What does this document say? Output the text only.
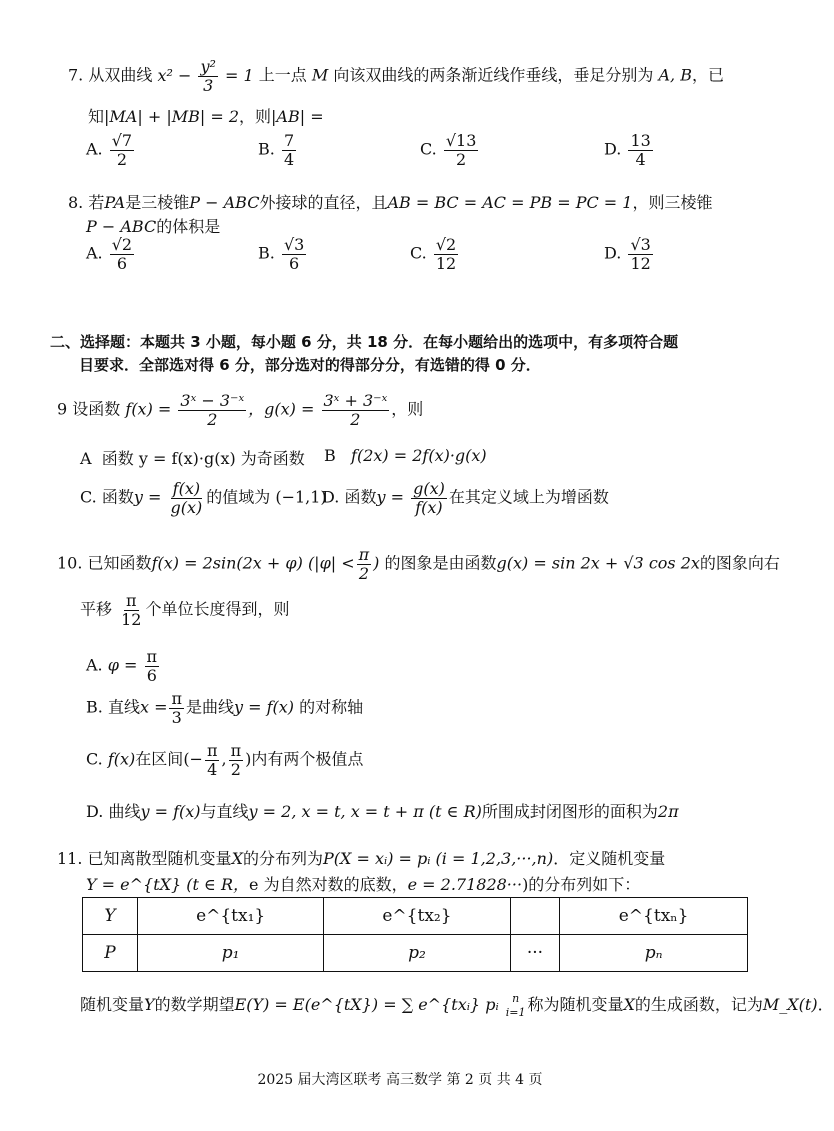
7. 从双曲线 $x^2 - \frac{\text{y²}}{3} = 1$ 上一点 M 向该双曲线的两条渐近线作垂线，垂足分别为 A, B，已
知|MA| + |MB| = 2，则|AB| =
A. $\frac{√7}{2}$	B. $\frac{7}{4}$	C. $\frac{√13}{2}$	D. $\frac{13}{4}$
8. 若PA是三棱锥P − ABC外接球的直径，且AB = BC = AC = PB = PC = 1，则三棱锥
P − ABC的体积是
A. $\frac{√2}{6}$	B. $\frac{√3}{6}$	C. $\frac{√2}{12}$	D. $\frac{√3}{12}$
二、选择题：本题共 3 小题，每小题 6 分，共 18 分．在每小题给出的选项中，有多项符合题
目要求．全部选对得 6 分，部分选对的得部分分，有选错的得 0 分．
9 设函数 $f(x) = \frac{\text{3ˣ − 3⁻ˣ}}{2}$ ，$g(x) = \frac{\text{3ˣ + 3⁻ˣ}}{2}$ ，则
A 函数 y = f(x)·g(x) 为奇函数 B f(2x) = 2f(x)·g(x)
C. 函数$y = \frac{f(x)}{g(x)}$ 的值域为 (−1,1)
D. 函数$y = \frac{g(x)}{f(x)}$ 在其定义域上为增函数
10. 已知函数f(x) = 2sin(2x + φ) ($|\varphi| < \frac{\pi}{2}$ ) 的图象是由函数g(x) = sin 2x + √3 cos 2x的图象向右
平移 $\frac{\pi}{12}$ 个单位长度得到，则
A. $\varphi = \frac{\pi}{6}$
B. 直线$x = \frac{\pi}{3}$ 是曲线y = f(x) 的对称轴
C. f(x)在区间(− $\frac{\pi}{4}$ , $\frac{\pi}{2}$ )内有两个极值点
D. 曲线y = f(x)与直线y = 2, x = t, x = t + π (t ∈ R)所围成封闭图形的面积为2π
11. 已知离散型随机变量X的分布列为P(X = xᵢ) = pᵢ (i = 1,2,3,···,n)．定义随机变量
Y = e^{tX} (t ∈ R，e 为自然对数的底数，e = 2.71828···)的分布列如下：
Y	e^{tx₁}	e^{tx₂}		e^{txₙ}
P	p₁	p₂	···	pₙ
随机变量Y的数学期望E(Y) = E(e^{tX}) = ∑ e^{txᵢ} pᵢ n
i=1 称为随机变量X的生成函数，记为M_X(t)．
2025 届大湾区联考 高三数学 第 2 页 共 4 页
